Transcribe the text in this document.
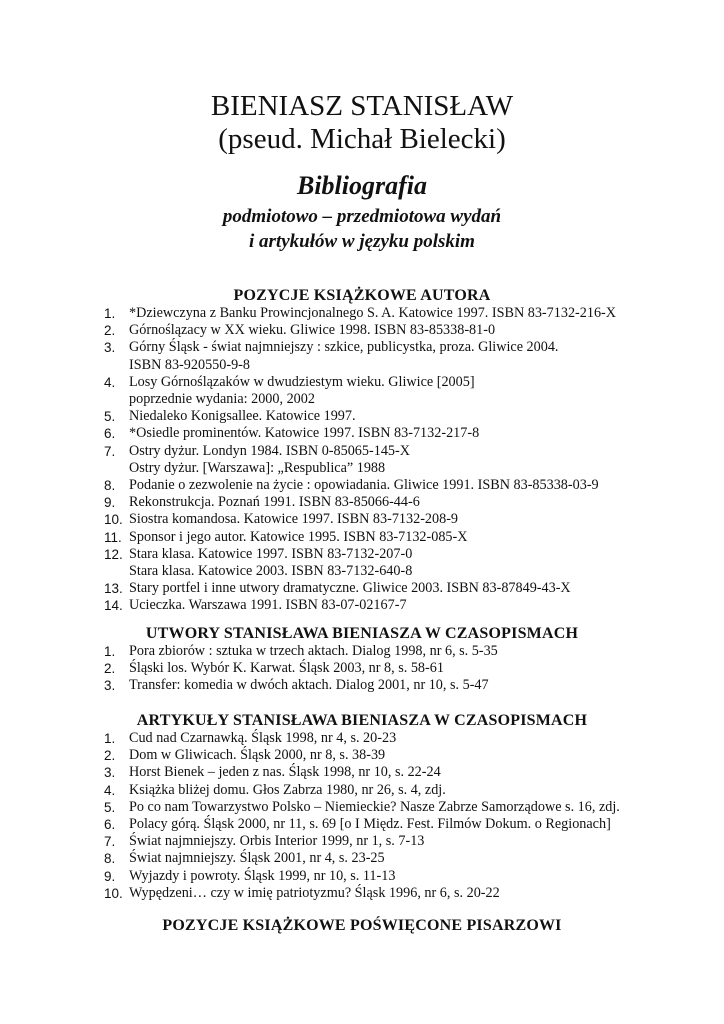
BIENIASZ STANISŁAW
(pseud. Michał Bielecki)
Bibliografia
podmiotowo – przedmiotowa wydań
i artykułów w języku polskim
POZYCJE KSIĄŻKOWE AUTORA
1. *Dziewczyna z Banku Prowincjonalnego S. A. Katowice 1997. ISBN 83-7132-216-X
2. Górnoślązacy w XX wieku. Gliwice 1998. ISBN 83-85338-81-0
3. Górny Śląsk - świat najmniejszy : szkice, publicystka, proza. Gliwice 2004.
ISBN 83-920550-9-8
4. Losy Górnoślązaków w dwudziestym wieku. Gliwice [2005]
poprzednie wydania: 2000, 2002
5. Niedaleko Konigsallee. Katowice 1997.
6. *Osiedle prominentów. Katowice 1997. ISBN 83-7132-217-8
7. Ostry dyżur. Londyn 1984. ISBN 0-85065-145-X
Ostry dyżur. [Warszawa]: „Respublica” 1988
8. Podanie o zezwolenie na życie : opowiadania. Gliwice 1991. ISBN 83-85338-03-9
9. Rekonstrukcja. Poznań 1991. ISBN 83-85066-44-6
10. Siostra komandosa. Katowice 1997. ISBN 83-7132-208-9
11. Sponsor i jego autor. Katowice 1995. ISBN 83-7132-085-X
12. Stara klasa. Katowice 1997. ISBN 83-7132-207-0
Stara klasa. Katowice 2003. ISBN 83-7132-640-8
13. Stary portfel i inne utwory dramatyczne. Gliwice 2003. ISBN 83-87849-43-X
14. Ucieczka. Warszawa 1991. ISBN 83-07-02167-7
UTWORY STANISŁAWA BIENIASZA W CZASOPISMACH
1. Pora zbiorów : sztuka w trzech aktach. Dialog 1998, nr 6, s. 5-35
2. Śląski los. Wybór K. Karwat. Śląsk 2003, nr 8, s. 58-61
3. Transfer: komedia w dwóch aktach. Dialog 2001, nr 10, s. 5-47
ARTYKUŁY STANISŁAWA BIENIASZA W CZASOPISMACH
1. Cud nad Czarnawką. Śląsk 1998, nr 4, s. 20-23
2. Dom w Gliwicach. Śląsk 2000, nr 8, s. 38-39
3. Horst Bienek – jeden z nas. Śląsk 1998, nr 10, s. 22-24
4. Książka bliżej domu. Głos Zabrza 1980, nr 26, s. 4, zdj.
5. Po co nam Towarzystwo Polsko – Niemieckie? Nasze Zabrze Samorządowe s. 16, zdj.
6. Polacy górą. Śląsk 2000, nr 11, s. 69 [o I Międz. Fest. Filmów Dokum. o Regionach]
7. Świat najmniejszy. Orbis Interior 1999, nr 1, s. 7-13
8. Świat najmniejszy. Śląsk 2001, nr 4, s. 23-25
9. Wyjazdy i powroty. Śląsk 1999, nr 10, s. 11-13
10. Wypędzeni… czy w imię patriotyzmu? Śląsk 1996, nr 6, s. 20-22
POZYCJE KSIĄŻKOWE POŚWIĘCONE PISARZOWI
